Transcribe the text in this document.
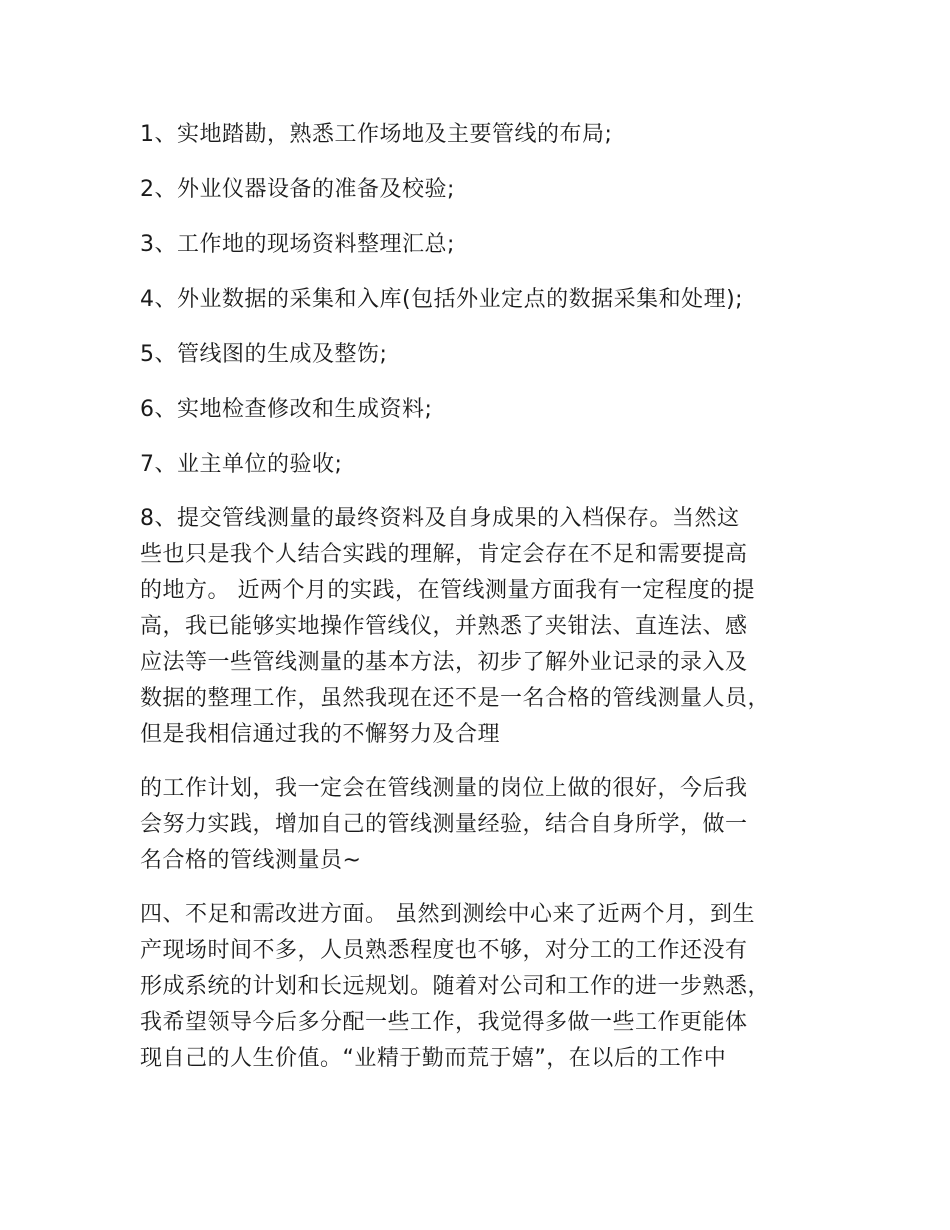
1、实地踏勘，熟悉工作场地及主要管线的布局;

2、外业仪器设备的准备及校验;

3、工作地的现场资料整理汇总;

4、外业数据的采集和入库(包括外业定点的数据采集和处理);

5、管线图的生成及整饬;

6、实地检查修改和生成资料;

7、业主单位的验收;

8、提交管线测量的最终资料及自身成果的入档保存。当然这
些也只是我个人结合实践的理解，肯定会存在不足和需要提高
的地方。 近两个月的实践，在管线测量方面我有一定程度的提
高，我已能够实地操作管线仪，并熟悉了夹钳法、直连法、感
应法等一些管线测量的基本方法，初步了解外业记录的录入及
数据的整理工作，虽然我现在还不是一名合格的管线测量人员，
但是我相信通过我的不懈努力及合理

的工作计划，我一定会在管线测量的岗位上做的很好，今后我
会努力实践，增加自己的管线测量经验，结合自身所学，做一
名合格的管线测量员~

四、不足和需改进方面。 虽然到测绘中心来了近两个月，到生
产现场时间不多，人员熟悉程度也不够，对分工的工作还没有
形成系统的计划和长远规划。随着对公司和工作的进一步熟悉，
我希望领导今后多分配一些工作，我觉得多做一些工作更能体
现自己的人生价值。“业精于勤而荒于嬉”，在以后的工作中
